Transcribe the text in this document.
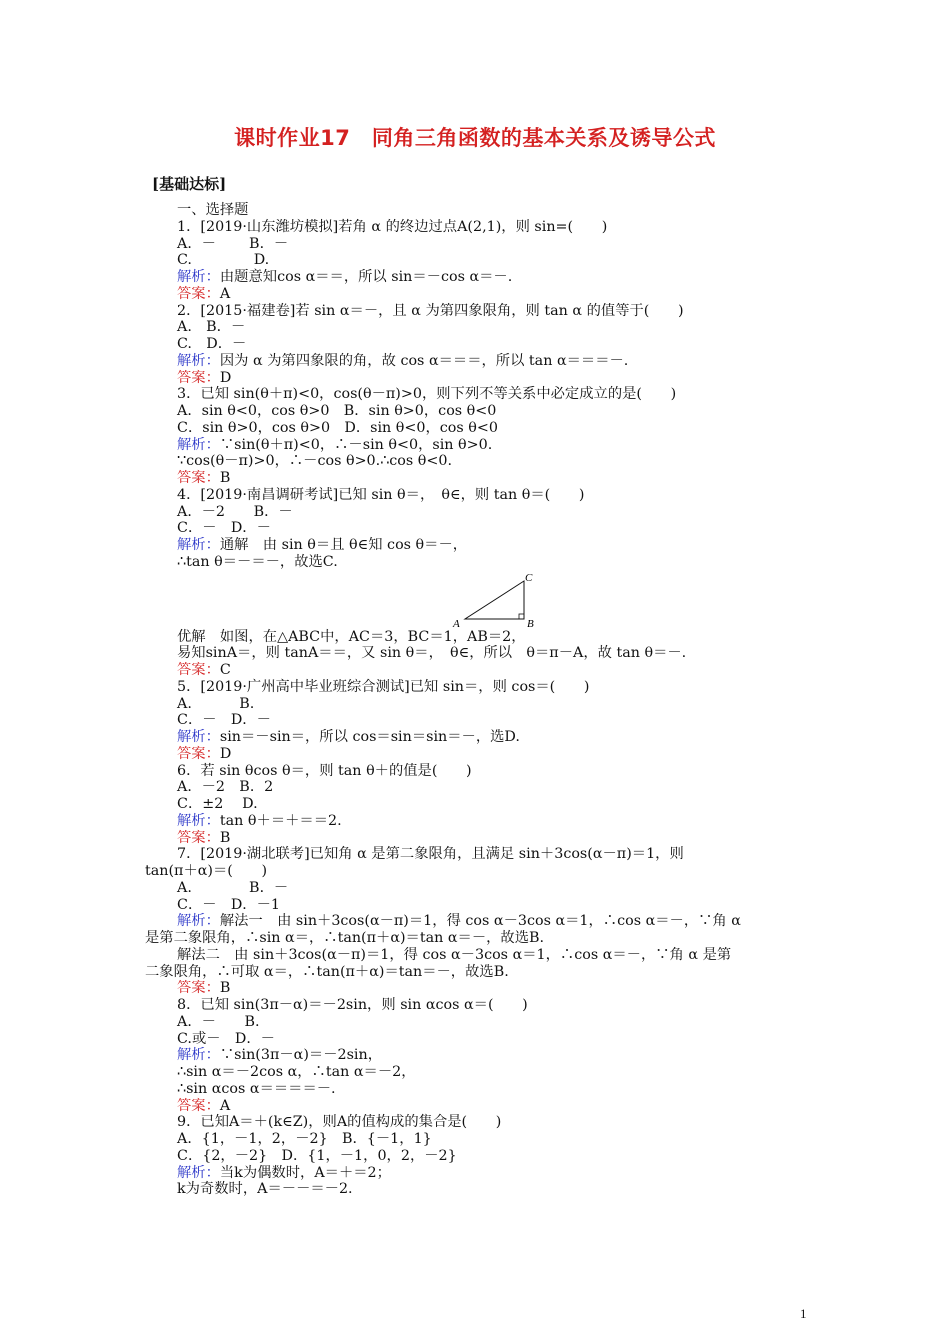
课时作业17　同角三角函数的基本关系及诱导公式
[基础达标]
一、选择题
1．[2019·山东潍坊模拟]若角 α 的终边过点A(2,1)，则 sin=(　　)
A．－　　 B．－
C.　　　　 D.
解析：由题意知cos α＝＝，所以 sin＝－cos α＝－.
答案：A
2．[2015·福建卷]若 sin α＝－，且 α 为第四象限角，则 tan α 的值等于(　　)
A.　B．－
C.　D．－
解析：因为 α 为第四象限的角，故 cos α＝＝＝，所以 tan α＝＝＝－.
答案：D
3．已知 sin(θ＋π)<0，cos(θ－π)>0，则下列不等关系中必定成立的是(　　)
A．sin θ<0，cos θ>0　B．sin θ>0，cos θ<0
C．sin θ>0，cos θ>0　D．sin θ<0，cos θ<0
解析：∵sin(θ＋π)<0，∴－sin θ<0，sin θ>0.
∵cos(θ－π)>0，∴－cos θ>0.∴cos θ<0.
答案：B
4．[2019·南昌调研考试]已知 sin θ＝，　θ∈，则 tan θ＝(　　)
A．－2　　B．－
C．－　D．－
解析：通解　由 sin θ＝且 θ∈知 cos θ＝－，
∴tan θ＝－＝－，故选C.
A	B
C
优解　如图，在△ABC中，AC＝3，BC＝1，AB＝2，
易知sinA＝，则 tanA＝＝，又 sin θ＝，　θ∈，所以　θ＝π－A，故 tan θ＝－.
答案：C
5．[2019·广州高中毕业班综合测试]已知 sin＝，则 cos＝(　　)
A.　　　 B.
C．－　D．－
解析：sin＝－sin＝，所以 cos＝sin＝sin＝－，选D.
答案：D
6．若 sin θcos θ＝，则 tan θ＋的值是(　　)
A．－2　B．2
C．±2　 D.
解析：tan θ＋＝＋＝＝2.
答案：B
7．[2019·湖北联考]已知角 α 是第二象限角，且满足 sin＋3cos(α－π)＝1，则
tan(π＋α)＝(　　)
A.　　　　B．－
C．－　D．－1
解析：解法一　由 sin＋3cos(α－π)＝1，得 cos α－3cos α＝1，∴cos α＝－，∵角 α
是第二象限角，∴sin α＝，∴tan(π＋α)＝tan α＝－，故选B.
解法二　由 sin＋3cos(α－π)＝1，得 cos α－3cos α＝1，∴cos α＝－，∵角 α 是第
二象限角，∴可取 α＝，∴tan(π＋α)＝tan＝－，故选B.
答案：B
8．已知 sin(3π－α)＝－2sin，则 sin αcos α＝(　　)
A．－　　B.
C.或－　D．－
解析：∵sin(3π－α)＝－2sin，
∴sin α＝－2cos α，∴tan α＝－2，
∴sin αcos α＝＝＝＝－.
答案：A
9．已知A＝＋(k∈Z)，则A的值构成的集合是(　　)
A．{1，－1，2，－2}　B．{－1，1}
C．{2，－2}　D．{1，－1，0，2，－2}
解析：当k为偶数时，A＝＋＝2；
k为奇数时，A＝－－＝－2.
1
